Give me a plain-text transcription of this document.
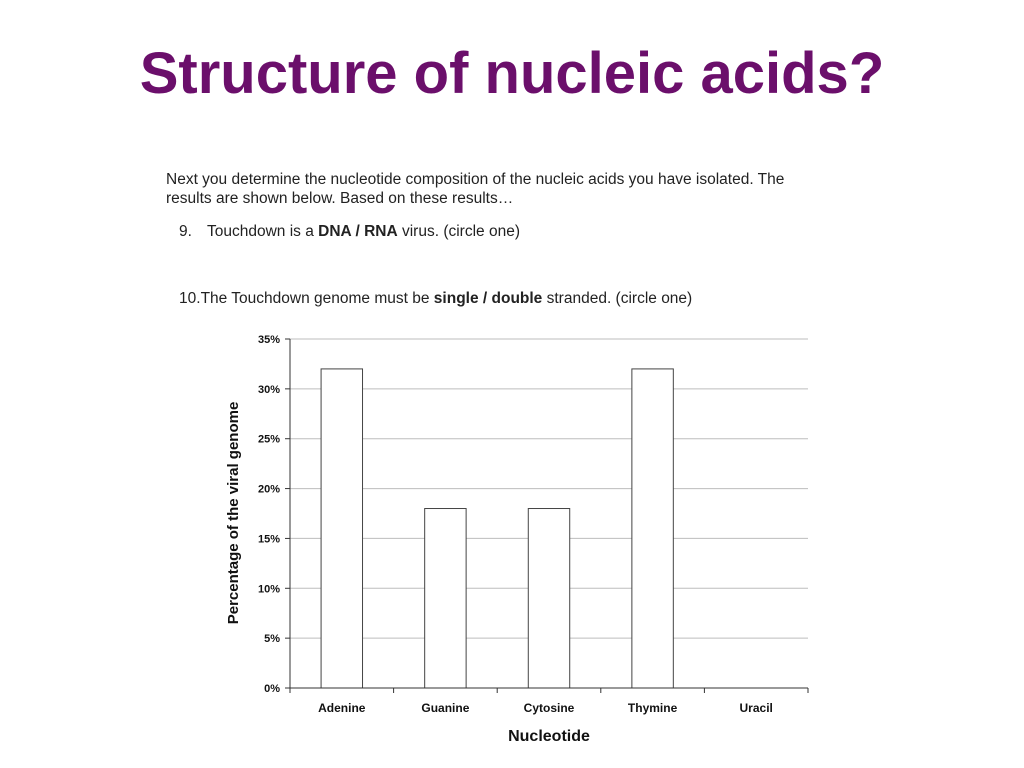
Structure of nucleic acids?
Next you determine the nucleotide composition of the nucleic acids you have isolated. The
results are shown below. Based on these results…
9. Touchdown is a DNA / RNA virus. (circle one)
10.The Touchdown genome must be single / double stranded. (circle one)
0%
5%
10%
15%
20%
25%
30%
35%
Adenine	Guanine	Cytosine	Thymine	Uracil
Nucleotide
Percentage of the viral genome
